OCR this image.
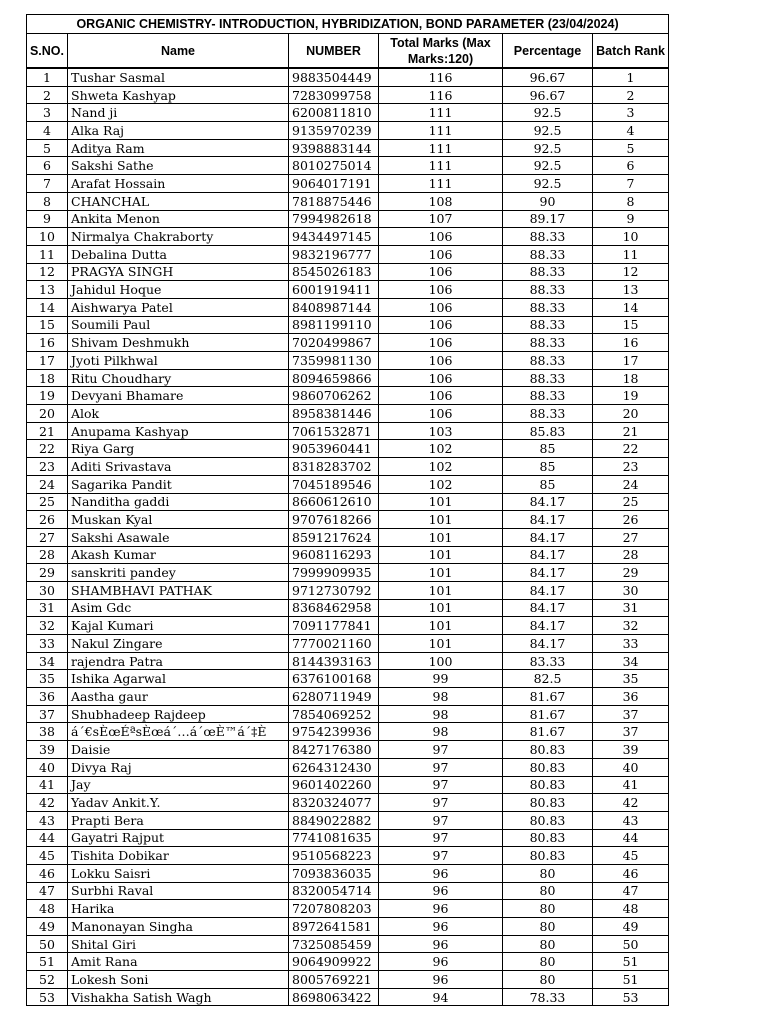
ORGANIC CHEMISTRY- INTRODUCTION, HYBRIDIZATION, BOND PARAMETER (23/04/2024)					
S.NO.	Name	NUMBER	Total Marks (Max Marks:120)	Percentage	Batch Rank
1	Tushar Sasmal	9883504449	116	96.67	1
2	Shweta Kashyap	7283099758	116	96.67	2
3	Nand ji	6200811810	111	92.5	3
4	Alka Raj	9135970239	111	92.5	4
5	Aditya Ram	9398883144	111	92.5	5
6	Sakshi Sathe	8010275014	111	92.5	6
7	Arafat Hossain	9064017191	111	92.5	7
8	CHANCHAL	7818875446	108	90	8
9	Ankita Menon	7994982618	107	89.17	9
10	Nirmalya Chakraborty	9434497145	106	88.33	10
11	Debalina Dutta	9832196777	106	88.33	11
12	PRAGYA SINGH	8545026183	106	88.33	12
13	Jahidul Hoque	6001919411	106	88.33	13
14	Aishwarya Patel	8408987144	106	88.33	14
15	Soumili Paul	8981199110	106	88.33	15
16	Shivam Deshmukh	7020499867	106	88.33	16
17	Jyoti Pilkhwal	7359981130	106	88.33	17
18	Ritu Choudhary	8094659866	106	88.33	18
19	Devyani Bhamare	9860706262	106	88.33	19
20	Alok	8958381446	106	88.33	20
21	Anupama Kashyap	7061532871	103	85.83	21
22	Riya Garg	9053960441	102	85	22
23	Aditi Srivastava	8318283702	102	85	23
24	Sagarika Pandit	7045189546	102	85	24
25	Nanditha gaddi	8660612610	101	84.17	25
26	Muskan Kyal	9707618266	101	84.17	26
27	Sakshi Asawale	8591217624	101	84.17	27
28	Akash Kumar	9608116293	101	84.17	28
29	sanskriti pandey	7999909935	101	84.17	29
30	SHAMBHAVI PATHAK	9712730792	101	84.17	30
31	Asim Gdc	8368462958	101	84.17	31
32	Kajal Kumari	7091177841	101	84.17	32
33	Nakul Zingare	7770021160	101	84.17	33
34	rajendra Patra	8144393163	100	83.33	34
35	Ishika Agarwal	6376100168	99	82.5	35
36	Aastha gaur	6280711949	98	81.67	36
37	Shubhadeep Rajdeep	7854069252	98	81.67	37
38	á´€sÈœÉªsÈœá´…á´œÈ™á´‡È	9754239936	98	81.67	37
39	Daisie	8427176380	97	80.83	39
40	Divya Raj	6264312430	97	80.83	40
41	Jay	9601402260	97	80.83	41
42	Yadav Ankit.Y.	8320324077	97	80.83	42
43	Prapti Bera	8849022882	97	80.83	43
44	Gayatri Rajput	7741081635	97	80.83	44
45	Tishita Dobikar	9510568223	97	80.83	45
46	Lokku Saisri	7093836035	96	80	46
47	Surbhi Raval	8320054714	96	80	47
48	Harika	7207808203	96	80	48
49	Manonayan Singha	8972641581	96	80	49
50	Shital Giri	7325085459	96	80	50
51	Amit Rana	9064909922	96	80	51
52	Lokesh Soni	8005769221	96	80	51
53	Vishakha Satish Wagh	8698063422	94	78.33	53
